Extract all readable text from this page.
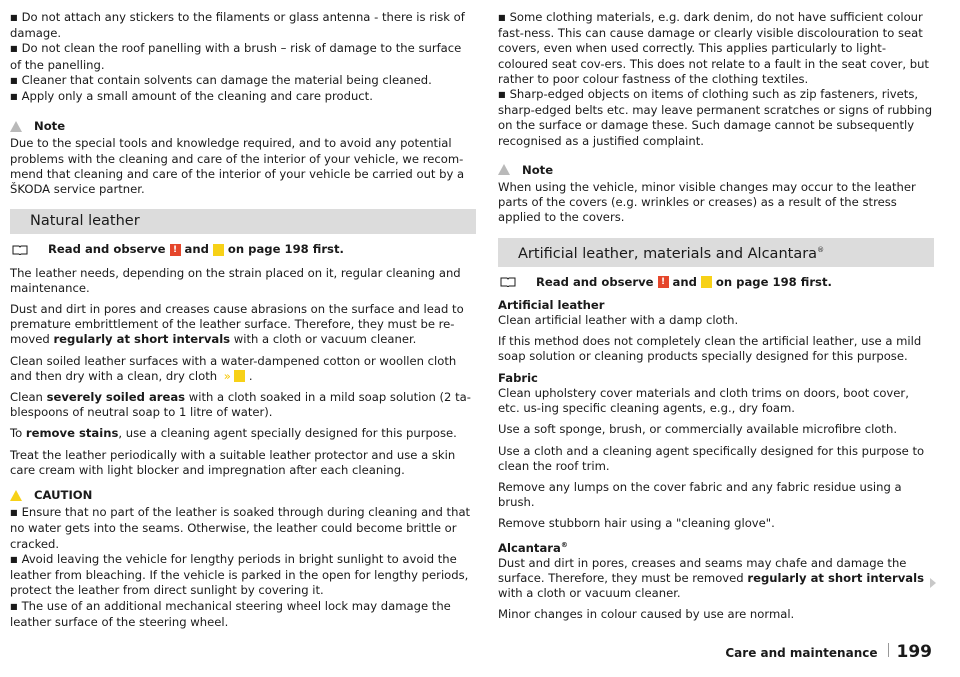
■ Do not attach any stickers to the filaments or glass antenna - there is risk of damage.

■ Do not clean the roof panelling with a brush – risk of damage to the surface of the panelling.

■ Cleaner that contain solvents can damage the material being cleaned.

■ Apply only a small amount of the cleaning and care product.

Note

Due to the special tools and knowledge required, and to avoid any potential problems with the cleaning and care of the interior of your vehicle, we recom-mend that cleaning and care of the interior of your vehicle be carried out by a ŠKODA service partner.

Natural leather
Read and observe ! and on page 198 first.

The leather needs, depending on the strain placed on it, regular cleaning and maintenance.

Dust and dirt in pores and creases cause abrasions on the surface and lead to premature embrittlement of the leather surface. Therefore, they must be re-moved regularly at short intervals with a cloth or vacuum cleaner.

Clean soiled leather surfaces with a water-dampened cotton or woollen cloth and then dry with a clean, dry cloth » .

Clean severely soiled areas with a cloth soaked in a mild soap solution (2 ta-blespoons of neutral soap to 1 litre of water).

To remove stains, use a cleaning agent specially designed for this purpose.

Treat the leather periodically with a suitable leather protector and use a skin care cream with light blocker and impregnation after each cleaning.

CAUTION

■ Ensure that no part of the leather is soaked through during cleaning and that no water gets into the seams. Otherwise, the leather could become brittle or cracked.

■ Avoid leaving the vehicle for lengthy periods in bright sunlight to avoid the leather from bleaching. If the vehicle is parked in the open for lengthy periods, protect the leather from direct sunlight by covering it.

■ The use of an additional mechanical steering wheel lock may damage the leather surface of the steering wheel.

■ Some clothing materials, e.g. dark denim, do not have sufficient colour fast-ness. This can cause damage or clearly visible discolouration to seat covers, even when used correctly. This applies particularly to light-coloured seat cov-ers. This does not relate to a fault in the seat cover, but rather to poor colour fastness of the clothing textiles.

■ Sharp-edged objects on items of clothing such as zip fasteners, rivets, sharp-edged belts etc. may leave permanent scratches or signs of rubbing on the surface or damage these. Such damage cannot be subsequently recognised as a justified complaint.

Note

When using the vehicle, minor visible changes may occur to the leather parts of the covers (e.g. wrinkles or creases) as a result of the stress applied to the covers.

Artificial leather, materials and Alcantara®
Read and observe ! and on page 198 first.

Artificial leather

Clean artificial leather with a damp cloth.

If this method does not completely clean the artificial leather, use a mild soap solution or cleaning products specially designed for this purpose.

Fabric

Clean upholstery cover materials and cloth trims on doors, boot cover, etc. us-ing specific cleaning agents, e.g., dry foam.

Use a soft sponge, brush, or commercially available microfibre cloth.

Use a cloth and a cleaning agent specifically designed for this purpose to clean the roof trim.

Remove any lumps on the cover fabric and any fabric residue using a brush.

Remove stubborn hair using a "cleaning glove".

Alcantara®

Dust and dirt in pores, creases and seams may chafe and damage the surface. Therefore, they must be removed regularly at short intervals with a cloth or vacuum cleaner.

Minor changes in colour caused by use are normal.

Care and maintenance 199
